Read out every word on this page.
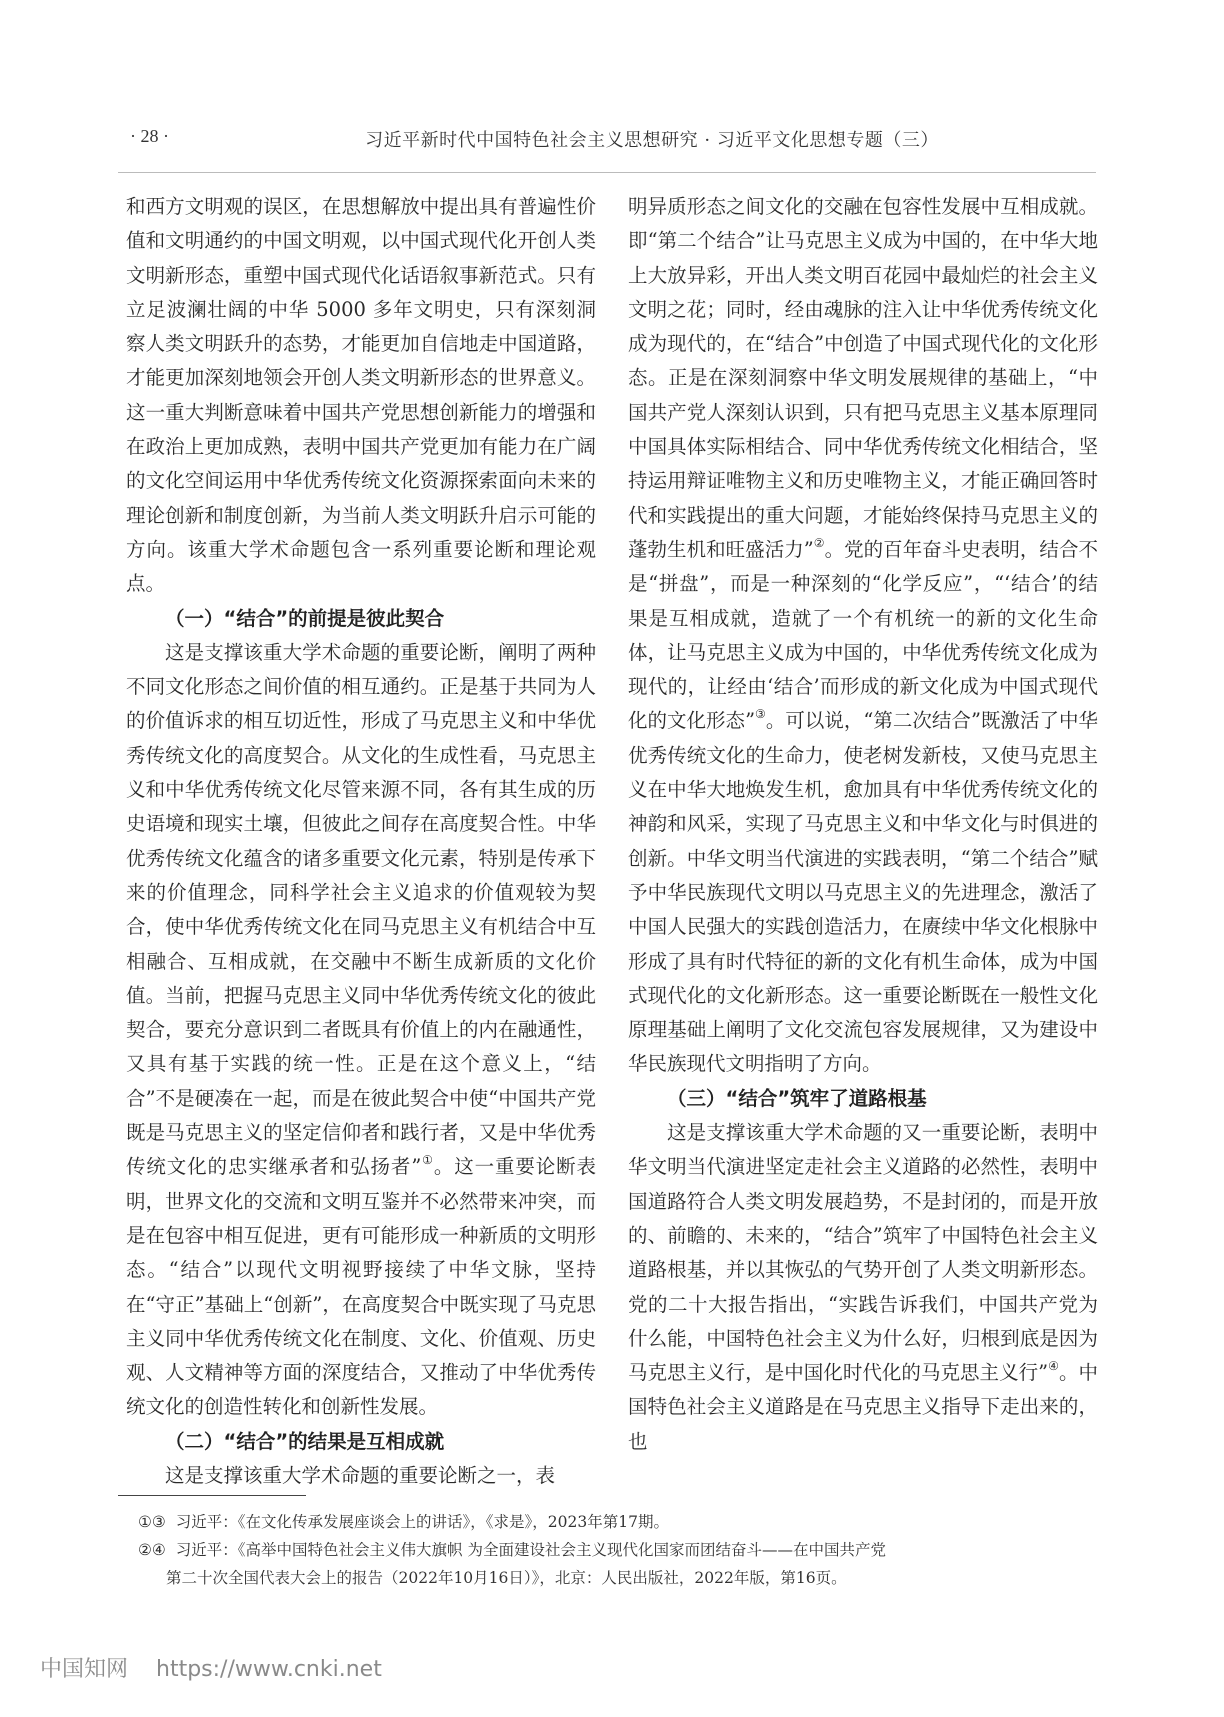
· 28 ·	习近平新时代中国特色社会主义思想研究 · 习近平文化思想专题（三）

和西方文明观的误区，在思想解放中提出具有普遍性价值和文明通约的中国文明观，以中国式现代化开创人类文明新形态，重塑中国式现代化话语叙事新范式。只有立足波澜壮阔的中华 5000 多年文明史，只有深刻洞察人类文明跃升的态势，才能更加自信地走中国道路，才能更加深刻地领会开创人类文明新形态的世界意义。这一重大判断意味着中国共产党思想创新能力的增强和在政治上更加成熟，表明中国共产党更加有能力在广阔的文化空间运用中华优秀传统文化资源探索面向未来的理论创新和制度创新，为当前人类文明跃升启示可能的方向。该重大学术命题包含一系列重要论断和理论观点。

（一）“结合”的前提是彼此契合

这是支撑该重大学术命题的重要论断，阐明了两种不同文化形态之间价值的相互通约。正是基于共同为人的价值诉求的相互切近性，形成了马克思主义和中华优秀传统文化的高度契合。从文化的生成性看，马克思主义和中华优秀传统文化尽管来源不同，各有其生成的历史语境和现实土壤，但彼此之间存在高度契合性。中华优秀传统文化蕴含的诸多重要文化元素，特别是传承下来的价值理念，同科学社会主义追求的价值观较为契合，使中华优秀传统文化在同马克思主义有机结合中互相融合、互相成就，在交融中不断生成新质的文化价值。当前，把握马克思主义同中华优秀传统文化的彼此契合，要充分意识到二者既具有价值上的内在融通性，又具有基于实践的统一性。正是在这个意义上，“结合”不是硬凑在一起，而是在彼此契合中使“中国共产党既是马克思主义的坚定信仰者和践行者，又是中华优秀传统文化的忠实继承者和弘扬者”①。这一重要论断表明，世界文化的交流和文明互鉴并不必然带来冲突，而是在包容中相互促进，更有可能形成一种新质的文明形态。“结合”以现代文明视野接续了中华文脉，坚持在“守正”基础上“创新”，在高度契合中既实现了马克思主义同中华优秀传统文化在制度、文化、价值观、历史观、人文精神等方面的深度结合，又推动了中华优秀传统文化的创造性转化和创新性发展。

（二）“结合”的结果是互相成就

这是支撑该重大学术命题的重要论断之一，表

明异质形态之间文化的交融在包容性发展中互相成就。即“第二个结合”让马克思主义成为中国的，在中华大地上大放异彩，开出人类文明百花园中最灿烂的社会主义文明之花；同时，经由魂脉的注入让中华优秀传统文化成为现代的，在“结合”中创造了中国式现代化的文化形态。正是在深刻洞察中华文明发展规律的基础上，“中国共产党人深刻认识到，只有把马克思主义基本原理同中国具体实际相结合、同中华优秀传统文化相结合，坚持运用辩证唯物主义和历史唯物主义，才能正确回答时代和实践提出的重大问题，才能始终保持马克思主义的蓬勃生机和旺盛活力”②。党的百年奋斗史表明，结合不是“拼盘”，而是一种深刻的“化学反应”，“‘结合’的结果是互相成就，造就了一个有机统一的新的文化生命体，让马克思主义成为中国的，中华优秀传统文化成为现代的，让经由‘结合’而形成的新文化成为中国式现代化的文化形态”③。可以说，“第二次结合”既激活了中华优秀传统文化的生命力，使老树发新枝，又使马克思主义在中华大地焕发生机，愈加具有中华优秀传统文化的神韵和风采，实现了马克思主义和中华文化与时俱进的创新。中华文明当代演进的实践表明，“第二个结合”赋予中华民族现代文明以马克思主义的先进理念，激活了中国人民强大的实践创造活力，在赓续中华文化根脉中形成了具有时代特征的新的文化有机生命体，成为中国式现代化的文化新形态。这一重要论断既在一般性文化原理基础上阐明了文化交流包容发展规律，又为建设中华民族现代文明指明了方向。

（三）“结合”筑牢了道路根基

这是支撑该重大学术命题的又一重要论断，表明中华文明当代演进坚定走社会主义道路的必然性，表明中国道路符合人类文明发展趋势，不是封闭的，而是开放的、前瞻的、未来的，“结合”筑牢了中国特色社会主义道路根基，并以其恢弘的气势开创了人类文明新形态。党的二十大报告指出，“实践告诉我们，中国共产党为什么能，中国特色社会主义为什么好，归根到底是因为马克思主义行，是中国化时代化的马克思主义行”④。中国特色社会主义道路是在马克思主义指导下走出来的，也

①③ 习近平：《在文化传承发展座谈会上的讲话》，《求是》，2023年第17期。

②④ 习近平：《高举中国特色社会主义伟大旗帜 为全面建设社会主义现代化国家而团结奋斗——在中国共产党
第二十次全国代表大会上的报告（2022年10月16日）》，北京：人民出版社，2022年版，第16页。

中国知网 https://www.cnki.net
